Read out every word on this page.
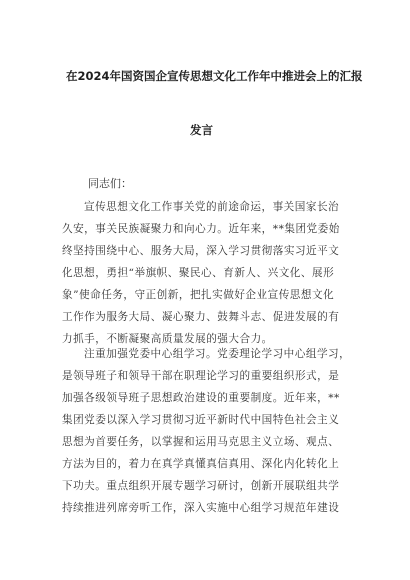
在2024年国资国企宣传思想文化工作年中推进会上的汇报
发言
同志们：
宣传思想文化工作事关党的前途命运，事关国家长治
久安，事关民族凝聚力和向心力。近年来，**集团党委始
终坚持围绕中心、服务大局，深入学习贯彻落实习近平文
化思想，勇担“举旗帜、聚民心、育新人、兴文化、展形
象”使命任务，守正创新，把扎实做好企业宣传思想文化
工作作为服务大局、凝心聚力、鼓舞斗志、促进发展的有
力抓手，不断凝聚高质量发展的强大合力。
注重加强党委中心组学习。党委理论学习中心组学习，
是领导班子和领导干部在职理论学习的重要组织形式，是
加强各级领导班子思想政治建设的重要制度。近年来，**
集团党委以深入学习贯彻习近平新时代中国特色社会主义
思想为首要任务，以掌握和运用马克思主义立场、观点、
方法为目的，着力在真学真懂真信真用、深化内化转化上
下功夫。重点组织开展专题学习研讨，创新开展联组共学
持续推进列席旁听工作，深入实施中心组学习规范年建设
